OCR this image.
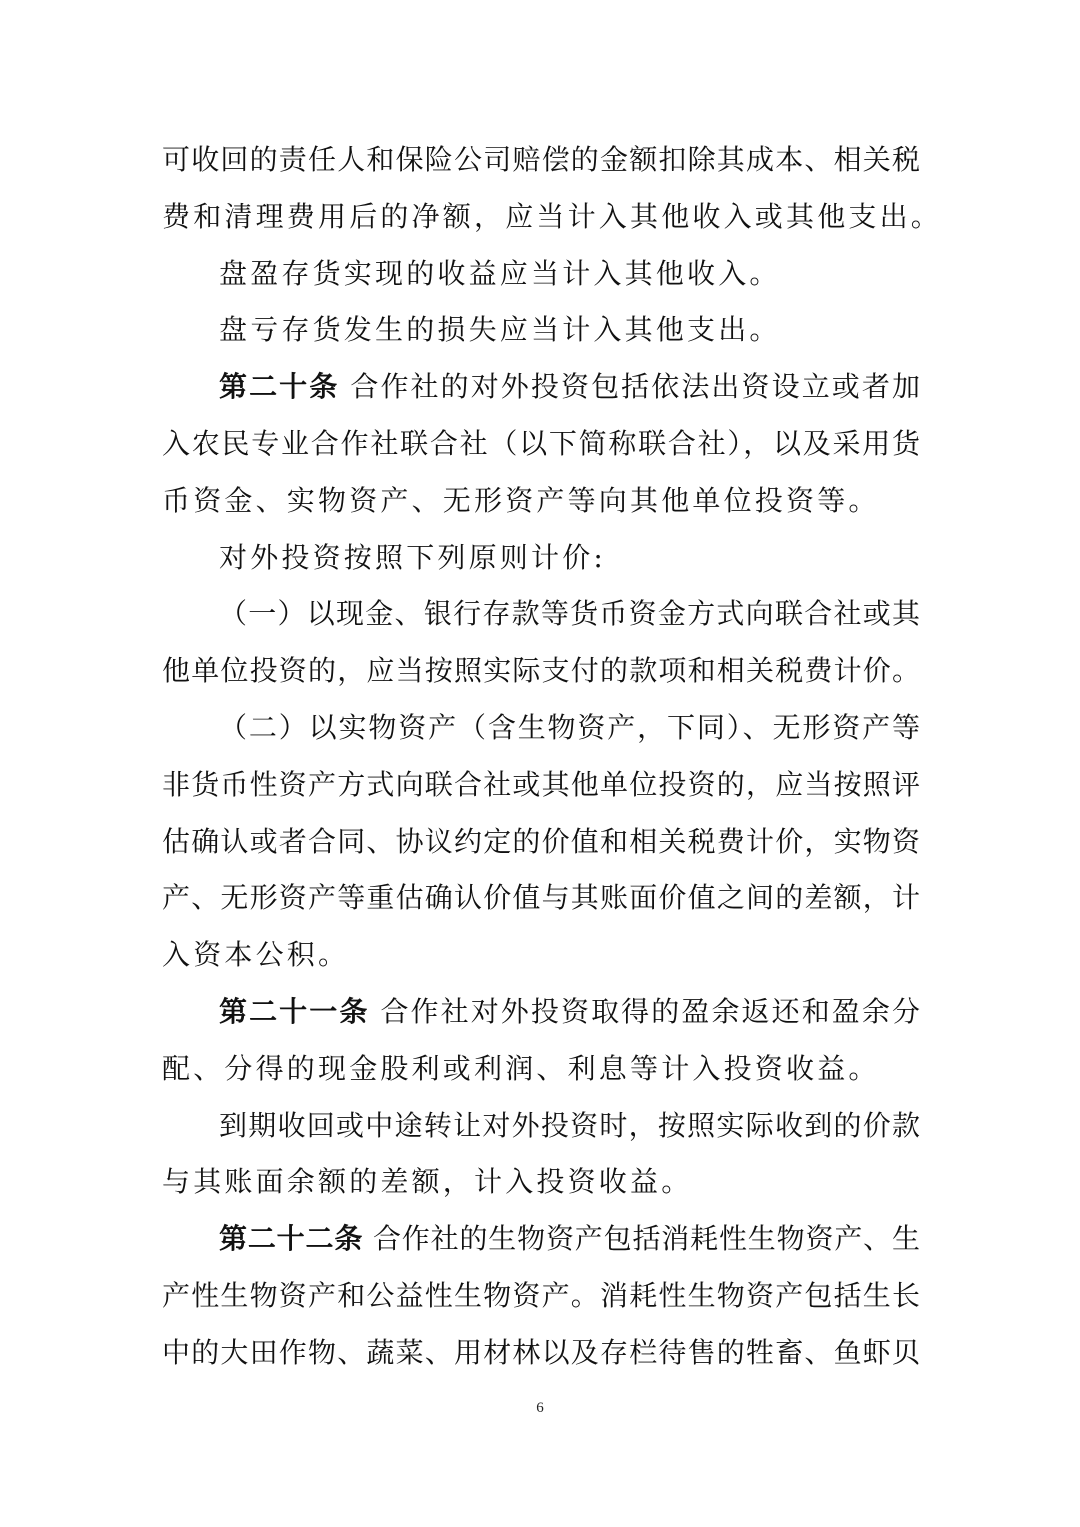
可收回的责任人和保险公司赔偿的金额扣除其成本、相关税
费和清理费用后的净额，应当计入其他收入或其他支出。
盘盈存货实现的收益应当计入其他收入。
盘亏存货发生的损失应当计入其他支出。
第二十条 合作社的对外投资包括依法出资设立或者加
入农民专业合作社联合社（以下简称联合社），以及采用货
币资金、实物资产、无形资产等向其他单位投资等。
对外投资按照下列原则计价:
（一）以现金、银行存款等货币资金方式向联合社或其
他单位投资的，应当按照实际支付的款项和相关税费计价。
（二）以实物资产（含生物资产，下同）、无形资产等
非货币性资产方式向联合社或其他单位投资的，应当按照评
估确认或者合同、协议约定的价值和相关税费计价，实物资
产、无形资产等重估确认价值与其账面价值之间的差额，计
入资本公积。
第二十一条 合作社对外投资取得的盈余返还和盈余分
配、分得的现金股利或利润、利息等计入投资收益。
到期收回或中途转让对外投资时，按照实际收到的价款
与其账面余额的差额，计入投资收益。
第二十二条 合作社的生物资产包括消耗性生物资产、生
产性生物资产和公益性生物资产。消耗性生物资产包括生长
中的大田作物、蔬菜、用材林以及存栏待售的牲畜、鱼虾贝
6
